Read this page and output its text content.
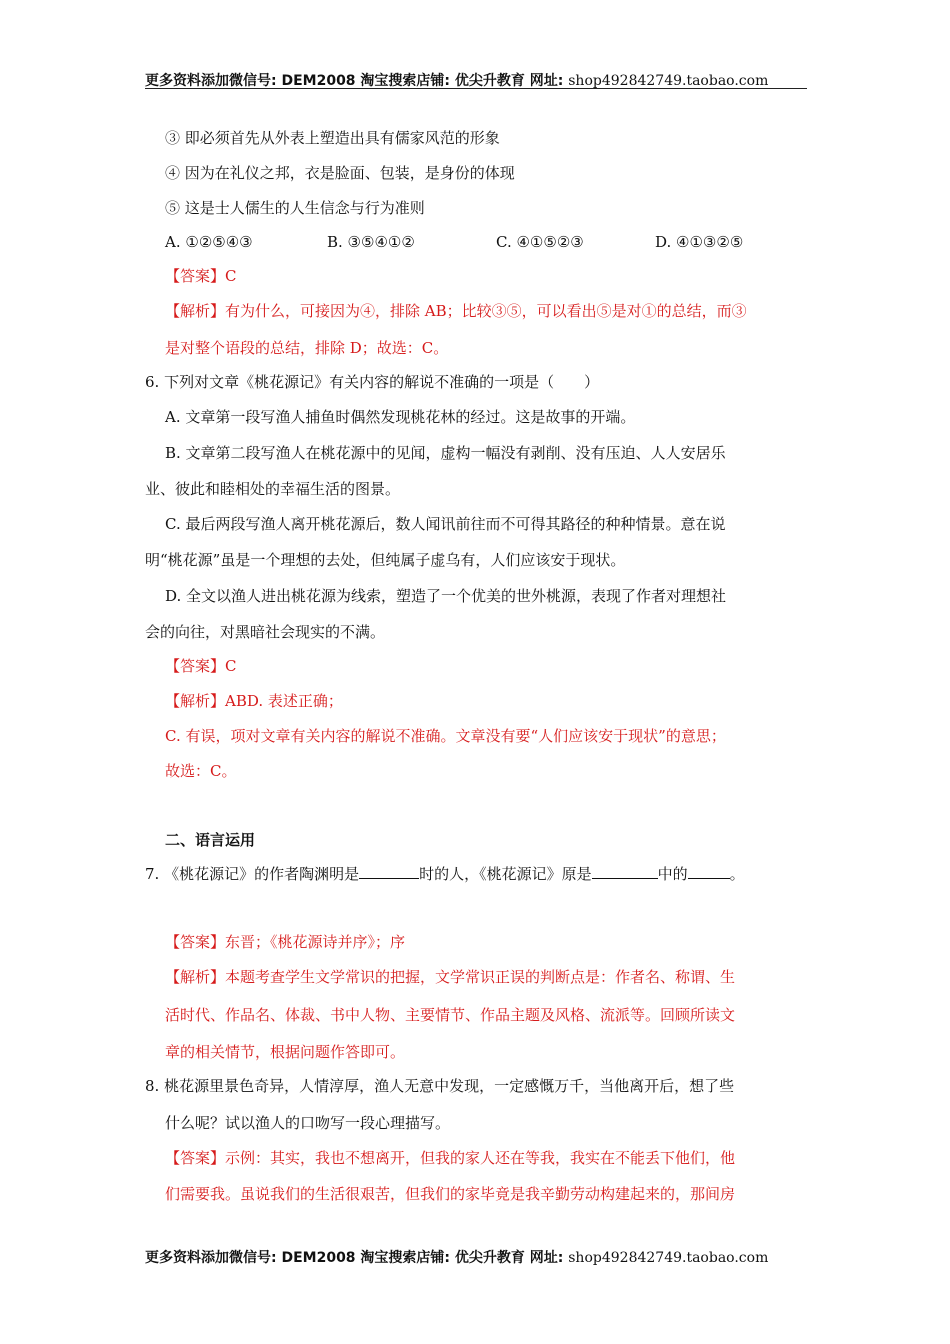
更多资料添加微信号: DEM2008 淘宝搜索店铺: 优尖升教育 网址: shop492842749.taobao.com
③ 即必须首先从外表上塑造出具有儒家风范的形象
④ 因为在礼仪之邦，衣是脸面、包装，是身份的体现
⑤ 这是士人儒生的人生信念与行为准则
A. ①②⑤④③	B. ③⑤④①②	C. ④①⑤②③	D. ④①③②⑤
【答案】C
【解析】有为什么，可接因为④，排除 AB；比较③⑤，可以看出⑤是对①的总结，而③
是对整个语段的总结，排除 D；故选：C。
6. 下列对文章《桃花源记》有关内容的解说不准确的一项是（　　）
A. 文章第一段写渔人捕鱼时偶然发现桃花林的经过。这是故事的开端。
B. 文章第二段写渔人在桃花源中的见闻，虚构一幅没有剥削、没有压迫、人人安居乐
业、彼此和睦相处的幸福生活的图景。
C. 最后两段写渔人离开桃花源后，数人闻讯前往而不可得其路径的种种情景。意在说
明“桃花源”虽是一个理想的去处，但纯属子虚乌有，人们应该安于现状。
D. 全文以渔人进出桃花源为线索，塑造了一个优美的世外桃源，表现了作者对理想社
会的向往，对黑暗社会现实的不满。
【答案】C
【解析】ABD. 表述正确；
C. 有误，项对文章有关内容的解说不准确。文章没有要“人们应该安于现状”的意思；
故选：C。
二、语言运用
7. 《桃花源记》的作者陶渊明是	时的人，《桃花源记》原是	中的	。
【答案】东晋；《桃花源诗并序》；序
【解析】本题考查学生文学常识的把握，文学常识正误的判断点是：作者名、称谓、生
活时代、作品名、体裁、书中人物、主要情节、作品主题及风格、流派等。回顾所读文
章的相关情节，根据问题作答即可。
8. 桃花源里景色奇异，人情淳厚，渔人无意中发现，一定感慨万千，当他离开后，想了些
什么呢？试以渔人的口吻写一段心理描写。
【答案】示例：其实，我也不想离开，但我的家人还在等我，我实在不能丢下他们，他
们需要我。虽说我们的生活很艰苦，但我们的家毕竟是我辛勤劳动构建起来的，那间房
更多资料添加微信号: DEM2008 淘宝搜索店铺: 优尖升教育 网址: shop492842749.taobao.com
